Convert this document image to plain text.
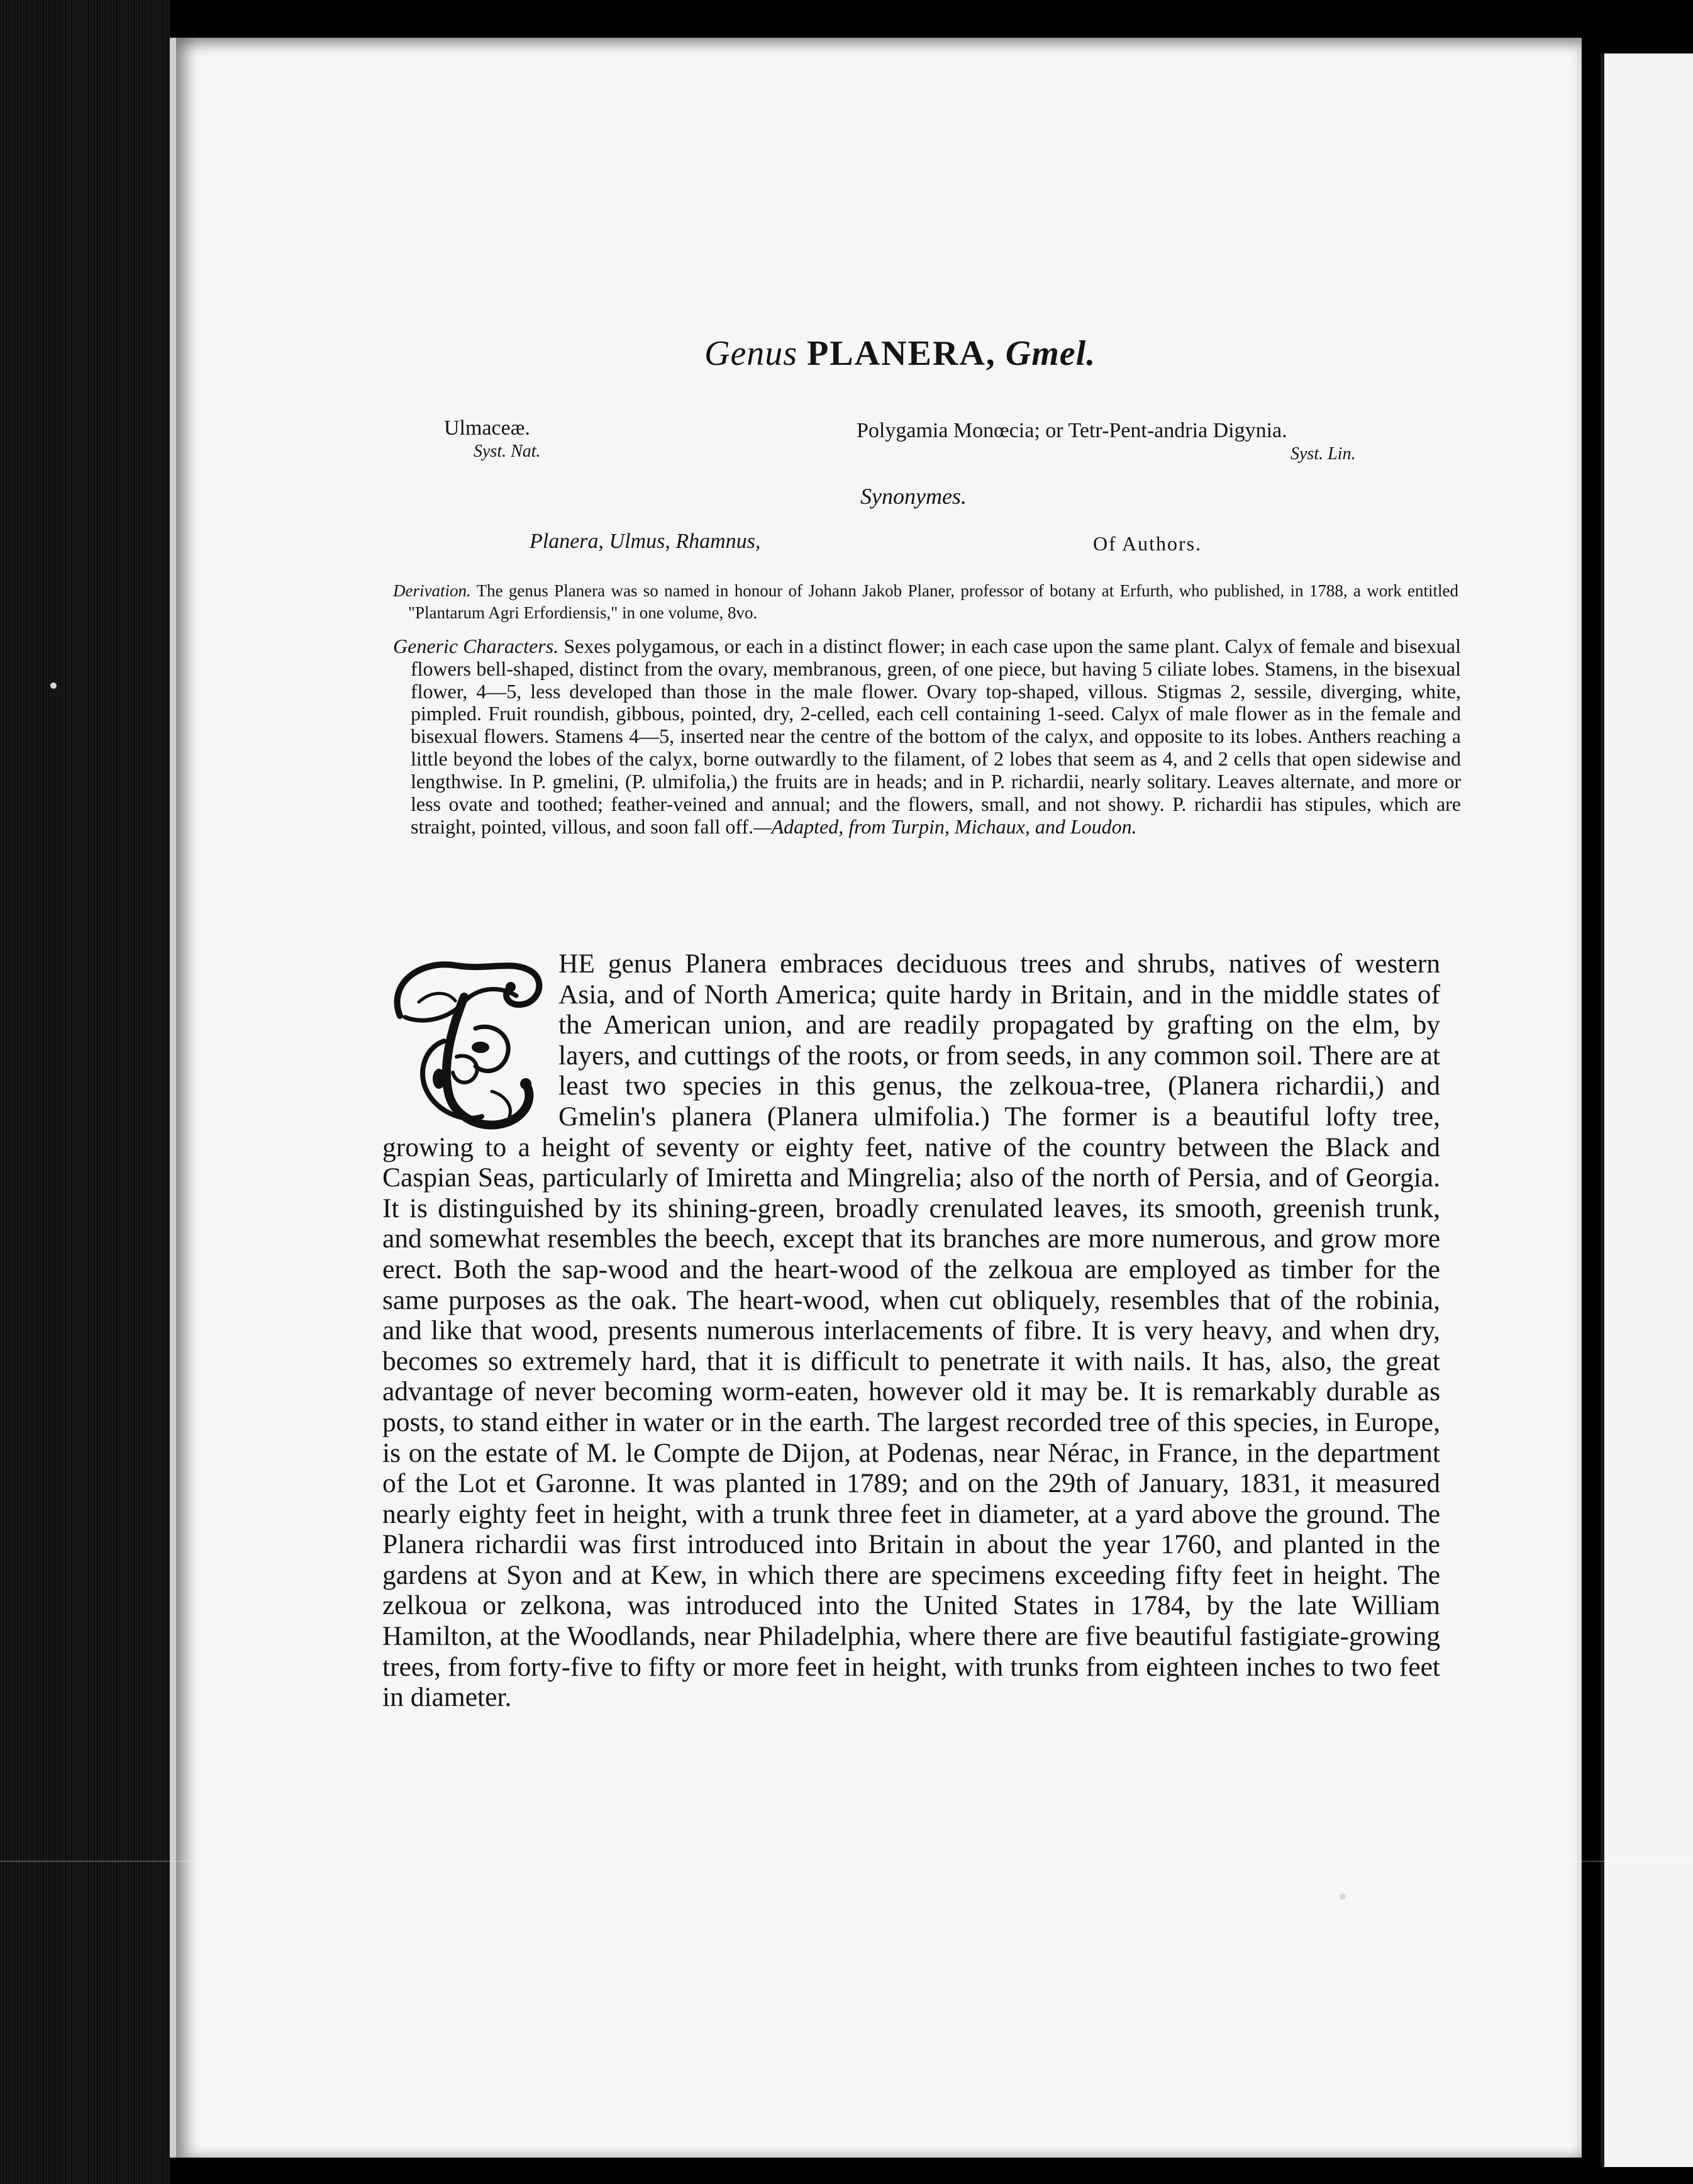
Genus PLANERA, Gmel.
Ulmaceæ.
Syst. Nat.
Polygamia Monœcia; or Tetr-Pent-andria Digynia.
Syst. Lin.
Synonymes.
Planera, Ulmus, Rhamnus,	Of Authors.
Derivation. The genus Planera was so named in honour of Johann Jakob Planer, professor of botany at Erfurth, who published, in 1788, a work entitled "Plantarum Agri Erfordiensis," in one volume, 8vo.
Generic Characters. Sexes polygamous, or each in a distinct flower; in each case upon the same plant. Calyx of female and bisexual flowers bell-shaped, distinct from the ovary, membranous, green, of one piece, but having 5 ciliate lobes. Stamens, in the bisexual flower, 4—5, less developed than those in the male flower. Ovary top-shaped, villous. Stigmas 2, sessile, diverging, white, pimpled. Fruit roundish, gibbous, pointed, dry, 2-celled, each cell containing 1-seed. Calyx of male flower as in the female and bisexual flowers. Stamens 4—5, inserted near the centre of the bottom of the calyx, and opposite to its lobes. Anthers reaching a little beyond the lobes of the calyx, borne outwardly to the filament, of 2 lobes that seem as 4, and 2 cells that open sidewise and lengthwise. In P. gmelini, (P. ulmifolia,) the fruits are in heads; and in P. richardii, nearly solitary. Leaves alternate, and more or less ovate and toothed; feather-veined and annual; and the flowers, small, and not showy. P. richardii has stipules, which are straight, pointed, villous, and soon fall off.—Adapted, from Turpin, Michaux, and Loudon.
HE genus Planera embraces deciduous trees and shrubs, natives of western Asia, and of North America; quite hardy in Britain, and in the middle states of the American union, and are readily propagated by grafting on the elm, by layers, and cuttings of the roots, or from seeds, in any common soil. There are at least two species in this genus, the zelkoua-tree, (Planera richardii,) and Gmelin's planera (Planera ulmifolia.) The former is a beautiful lofty tree, growing to a height of seventy or eighty feet, native of the country between the Black and Caspian Seas, particularly of Imiretta and Mingrelia; also of the north of Persia, and of Georgia. It is distinguished by its shining-green, broadly crenulated leaves, its smooth, greenish trunk, and somewhat resembles the beech, except that its branches are more numerous, and grow more erect. Both the sap-wood and the heart-wood of the zelkoua are employed as timber for the same purposes as the oak. The heart-wood, when cut obliquely, resembles that of the robinia, and like that wood, presents numerous interlacements of fibre. It is very heavy, and when dry, becomes so extremely hard, that it is difficult to penetrate it with nails. It has, also, the great advantage of never becoming worm-eaten, however old it may be. It is remarkably durable as posts, to stand either in water or in the earth. The largest recorded tree of this species, in Europe, is on the estate of M. le Compte de Dijon, at Podenas, near Nérac, in France, in the department of the Lot et Garonne. It was planted in 1789; and on the 29th of January, 1831, it measured nearly eighty feet in height, with a trunk three feet in diameter, at a yard above the ground. The Planera richardii was first introduced into Britain in about the year 1760, and planted in the gardens at Syon and at Kew, in which there are specimens exceeding fifty feet in height. The zelkoua or zelkona, was introduced into the United States in 1784, by the late William Hamilton, at the Woodlands, near Philadelphia, where there are five beautiful fastigiate-growing trees, from forty-five to fifty or more feet in height, with trunks from eighteen inches to two feet in diameter.
